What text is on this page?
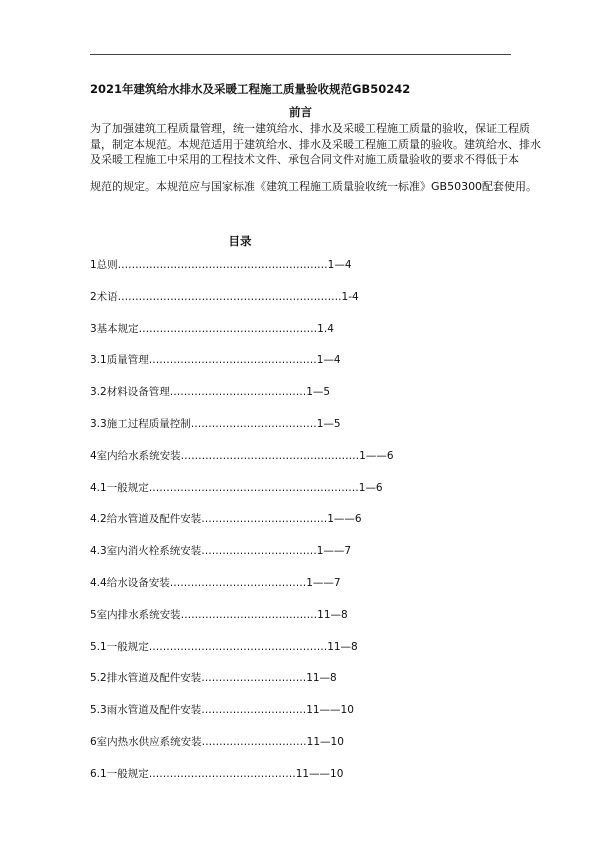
2021年建筑给水排水及采暖工程施工质量验收规范GB50242
前言
为了加强建筑工程质量管理，统一建筑给水、排水及采暖工程施工质量的验收，保证工程质
量，制定本规范。本规范适用于建筑给水、排水及采暖工程施工质量的验收。建筑给水、排水
及采暖工程施工中采用的工程技术文件、承包合同文件对施工质量验收的要求不得低于本
规范的规定。本规范应与国家标准《建筑工程施工质量验收统一标准》GB50300配套使用。
目录
1总则……………………………………………………1—4
2术语……………………………………………………….1-4
3基本规定……………………………………………1.4
3.1质量管理…………………………………………1—4
3.2材料设备管理…………………………………1—5
3.3施工过程质量控制………………………………1—5
4室内给水系统安装……………………………………………1——6
4.1一般规定……………………………………………………1—6
4.2给水管道及配件安装………………………………1——6
4.3室内消火栓系统安装……………………………1——7
4.4给水设备安装…………………………………1——7
5室内排水系统安装…………………………………11—8
5.1一般规定……………………………………………11—8
5.2排水管道及配件安装…………………………11—8
5.3雨水管道及配件安装…………………………11——10
6室内热水供应系统安装…………………………11—10
6.1一般规定……………………………………11——10
